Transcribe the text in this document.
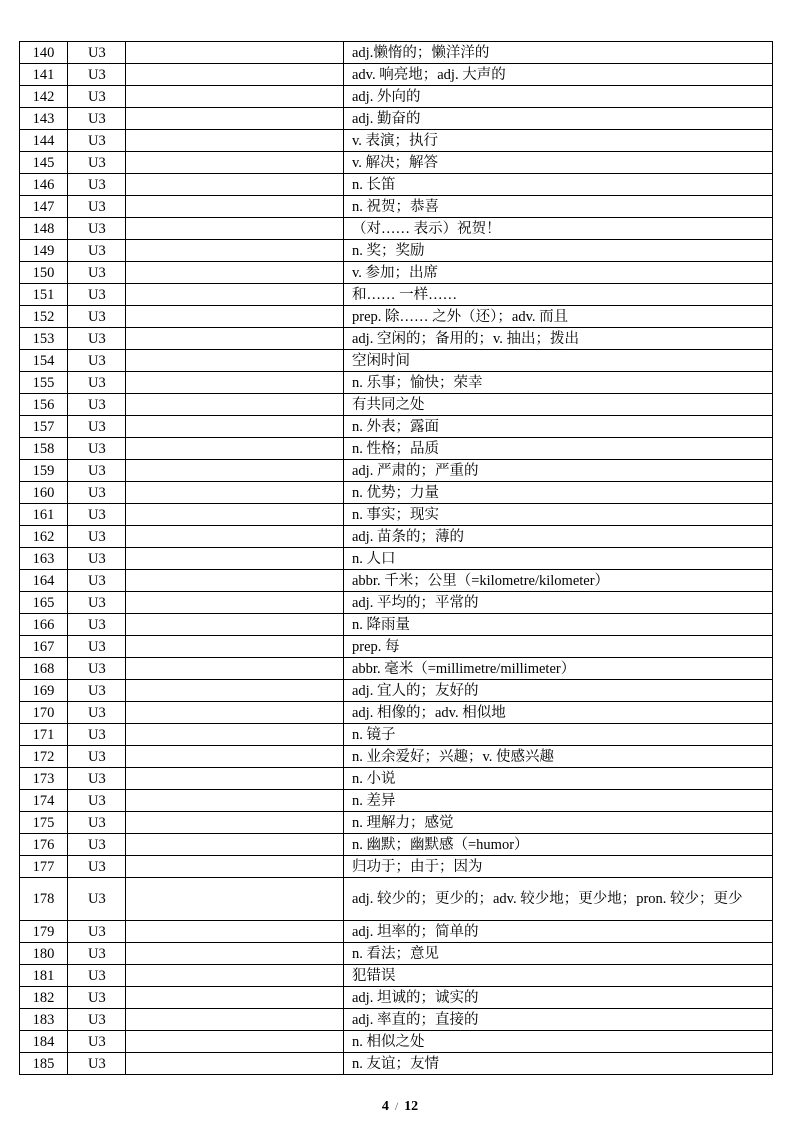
140	U3		adj.懒惰的；懒洋洋的
141	U3		adv. 响亮地；adj. 大声的
142	U3		adj. 外向的
143	U3		adj. 勤奋的
144	U3		v. 表演；执行
145	U3		v. 解决；解答
146	U3		n. 长笛
147	U3		n. 祝贺；恭喜
148	U3		（对…… 表示）祝贺！
149	U3		n. 奖；奖励
150	U3		v. 参加；出席
151	U3		和…… 一样……
152	U3		prep. 除…… 之外（还）；adv. 而且
153	U3		adj. 空闲的；备用的；v. 抽出；拨出
154	U3		空闲时间
155	U3		n. 乐事；愉快；荣幸
156	U3		有共同之处
157	U3		n. 外表；露面
158	U3		n. 性格；品质
159	U3		adj. 严肃的；严重的
160	U3		n. 优势；力量
161	U3		n. 事实；现实
162	U3		adj. 苗条的；薄的
163	U3		n. 人口
164	U3		abbr. 千米；公里（=kilometre/kilometer）
165	U3		adj. 平均的；平常的
166	U3		n. 降雨量
167	U3		prep. 每
168	U3		abbr. 毫米（=millimetre/millimeter）
169	U3		adj. 宜人的；友好的
170	U3		adj. 相像的；adv. 相似地
171	U3		n. 镜子
172	U3		n. 业余爱好；兴趣；v. 使感兴趣
173	U3		n. 小说
174	U3		n. 差异
175	U3		n. 理解力；感觉
176	U3		n. 幽默；幽默感（=humor）
177	U3		归功于；由于；因为
178	U3		adj. 较少的；更少的；adv. 较少地；更少地；pron. 较少；更少
179	U3		adj. 坦率的；简单的
180	U3		n. 看法；意见
181	U3		犯错误
182	U3		adj. 坦诚的；诚实的
183	U3		adj. 率直的；直接的
184	U3		n. 相似之处
185	U3		n. 友谊；友情
4 / 12
